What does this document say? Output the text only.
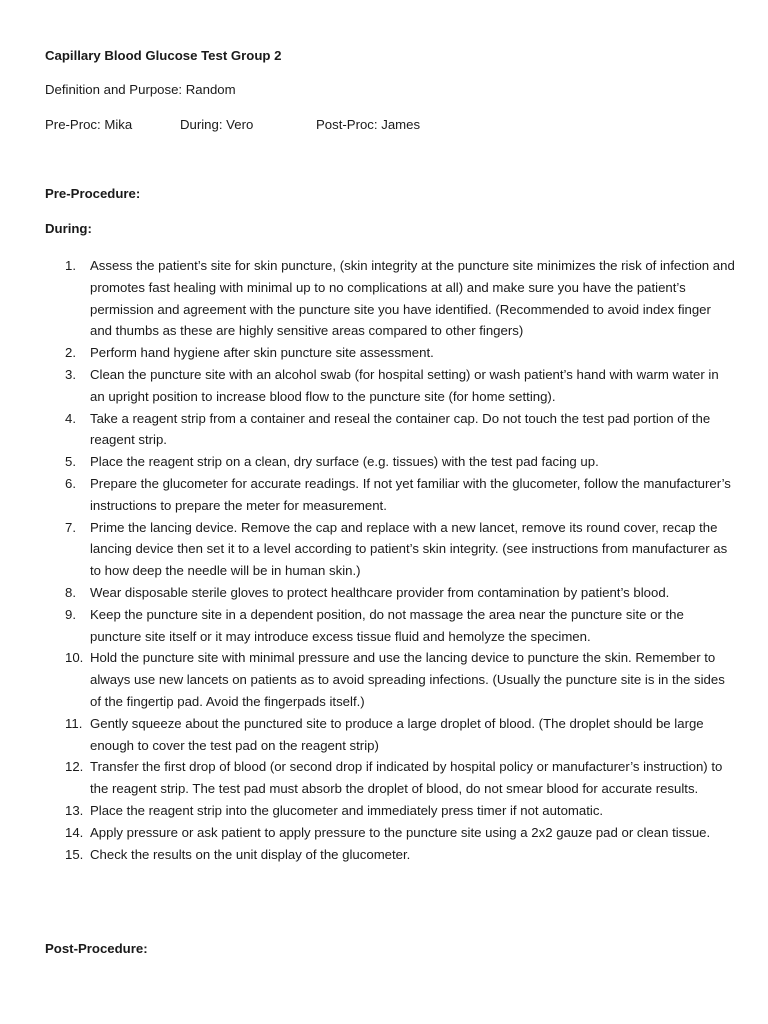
Capillary Blood Glucose Test Group 2
Definition and Purpose: Random
Pre-Proc: Mika	During: Vero	Post-Proc: James
Pre-Procedure:
During:
1. Assess the patient’s site for skin puncture, (skin integrity at the puncture site minimizes the risk of infection and promotes fast healing with minimal up to no complications at all) and make sure you have the patient’s permission and agreement with the puncture site you have identified. (Recommended to avoid index finger and thumbs as these are highly sensitive areas compared to other fingers)
2. Perform hand hygiene after skin puncture site assessment.
3. Clean the puncture site with an alcohol swab (for hospital setting) or wash patient’s hand with warm water in an upright position to increase blood flow to the puncture site (for home setting).
4. Take a reagent strip from a container and reseal the container cap. Do not touch the test pad portion of the reagent strip.
5. Place the reagent strip on a clean, dry surface (e.g. tissues) with the test pad facing up.
6. Prepare the glucometer for accurate readings. If not yet familiar with the glucometer, follow the manufacturer’s instructions to prepare the meter for measurement.
7. Prime the lancing device. Remove the cap and replace with a new lancet, remove its round cover, recap the lancing device then set it to a level according to patient’s skin integrity. (see instructions from manufacturer as to how deep the needle will be in human skin.)
8. Wear disposable sterile gloves to protect healthcare provider from contamination by patient’s blood.
9. Keep the puncture site in a dependent position, do not massage the area near the puncture site or the puncture site itself or it may introduce excess tissue fluid and hemolyze the specimen.
10. Hold the puncture site with minimal pressure and use the lancing device to puncture the skin. Remember to always use new lancets on patients as to avoid spreading infections. (Usually the puncture site is in the sides of the fingertip pad. Avoid the fingerpads itself.)
11. Gently squeeze about the punctured site to produce a large droplet of blood. (The droplet should be large enough to cover the test pad on the reagent strip)
12. Transfer the first drop of blood (or second drop if indicated by hospital policy or manufacturer’s instruction) to the reagent strip. The test pad must absorb the droplet of blood, do not smear blood for accurate results.
13. Place the reagent strip into the glucometer and immediately press timer if not automatic.
14. Apply pressure or ask patient to apply pressure to the puncture site using a 2x2 gauze pad or clean tissue.
15. Check the results on the unit display of the glucometer.
Post-Procedure:
